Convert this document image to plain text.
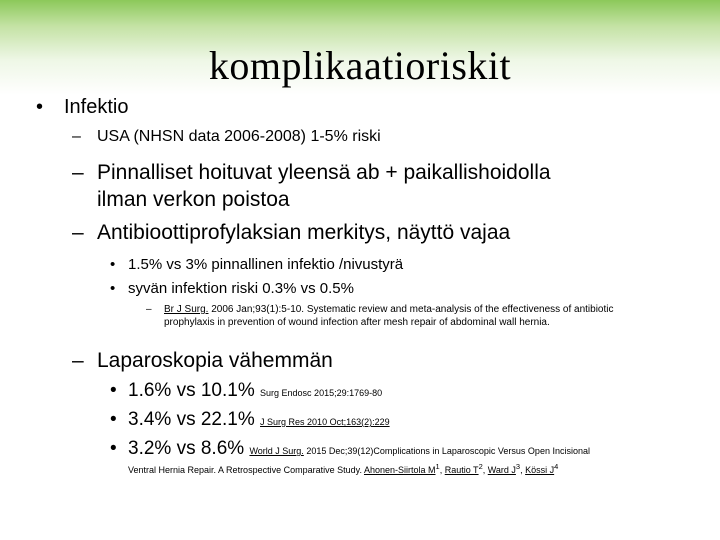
komplikaatioriskit
• Infektio
– USA (NHSN data 2006-2008) 1-5% riski
– Pinnalliset hoituvat yleensä ab + paikallishoidolla
ilman verkon poistoa
– Antibioottiprofylaksian merkitys, näyttö vajaa
• 1.5% vs 3% pinnallinen infektio /nivustyrä
• syvän infektion riski 0.3% vs 0.5%
– Br J Surg. 2006 Jan;93(1):5-10. Systematic review and meta-analysis of the effectiveness of antibiotic
prophylaxis in prevention of wound infection after mesh repair of abdominal wall hernia.
– Laparoskopia vähemmän
• 1.6% vs 10.1% Surg Endosc 2015;29:1769-80
• 3.4% vs 22.1% J Surg Res 2010 Oct;163(2):229
• 3.2% vs 8.6% World J Surg. 2015 Dec;39(12)Complications in Laparoscopic Versus Open Incisional
Ventral Hernia Repair. A Retrospective Comparative Study. Ahonen-Siirtola $M^1$, Rautio $T^2$, Ward $J^3$, Kössi $J^4$
